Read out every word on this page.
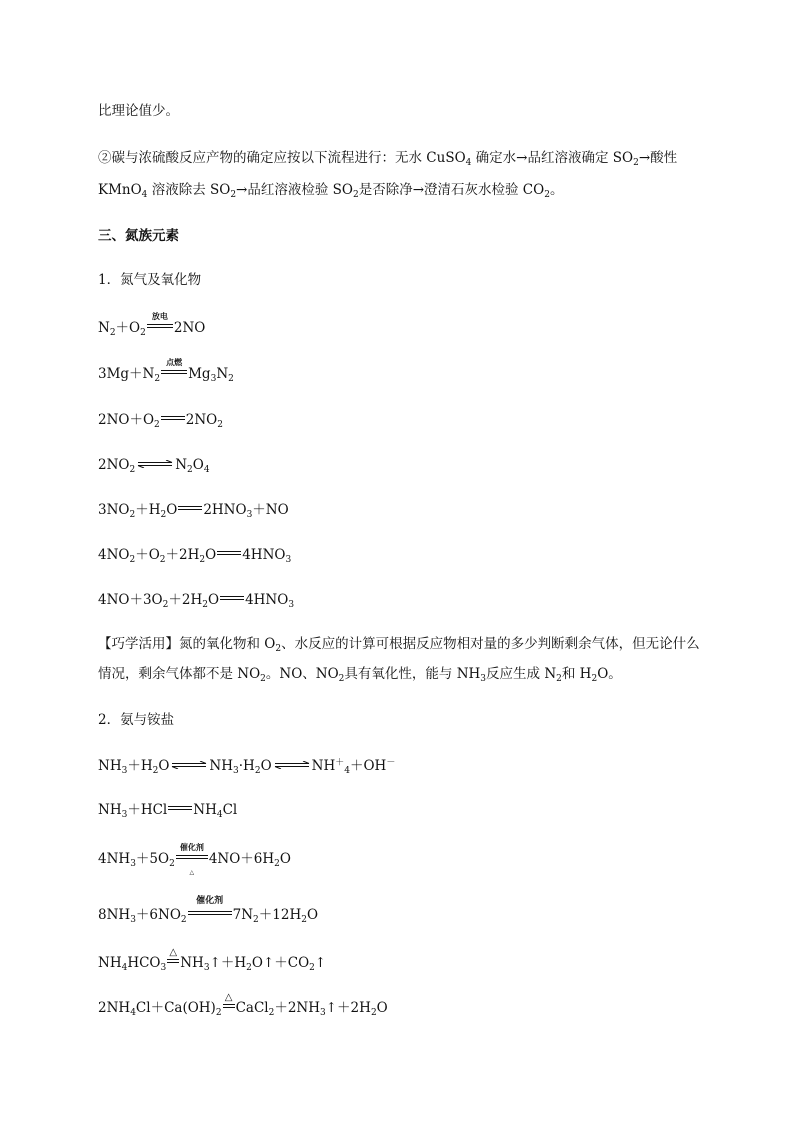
比理论值少。
②碳与浓硫酸反应产物的确定应按以下流程进行：无水 CuSO$_4$ 确定水→品红溶液确定 $SO_2\to$酸性
KMnO$_4$ 溶液除去 $SO_2\to$品红溶液检验 $SO_2$是否除净→澄清石灰水检验 $CO_2$。
三、氮族元素
1．氮气及氧化物
$N_2+O_2$
放电
2NO
$3Mg+N_2$
点燃
$Mg_3N_2$
$2NO+O_2$ $2NO_2$
$2NO_2$ ⇌ $N_2O_4$
$3NO_2+H_2O$ $2HNO_3+NO$
$4NO_2+O_2+2H_2O$ $4HNO_3$
$4NO+3O_2+2H_2O$ $4HNO_3$
【巧学活用】氮的氧化物和 $O_2$、水反应的计算可根据反应物相对量的多少判断剩余气体，但无论什么
情况，剩余气体都不是 $NO_2$。NO、$NO_2$具有氧化性，能与 $NH_3$反应生成 $N_2$和 $H_2O$。
2．氨与铵盐
$NH_3+H_2O$ ⇌ $NH_3\cdot H_2O$ ⇌ $NH^+_4+OH^-$
$NH_3+HCl$ $NH_4Cl$
$4NH_3+5O_2$
催化剂
△
$4NO+6H_2O$
$8NH_3+6NO_2$
催化剂
$7N_2+12H_2O$
$NH_4HCO_3$
△
$NH_3↑+H_2O↑+CO_2↑$
$2NH_4Cl+Ca(OH)_2$
△
$CaCl_2+2NH_3↑+2H_2O$
